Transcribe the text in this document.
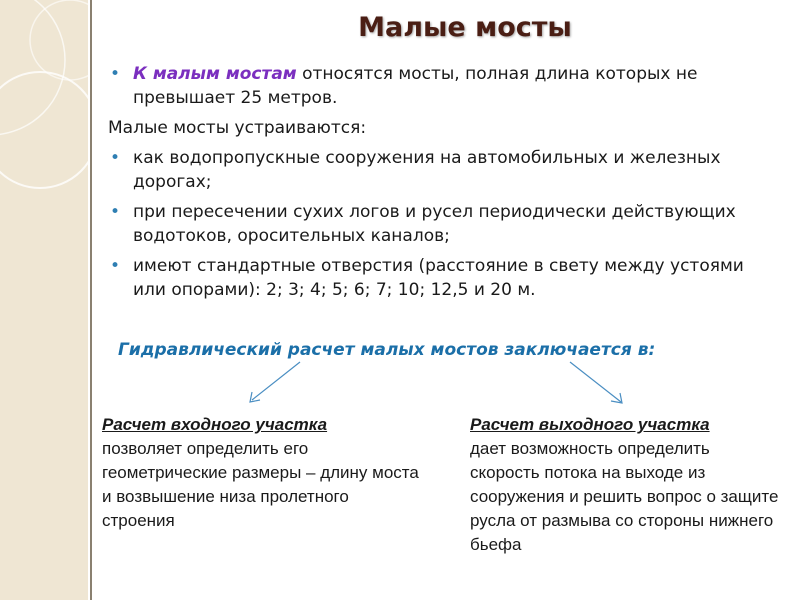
Малые мосты
• К малым мостам относятся мосты, полная длина которых не превышает 25 метров.
Малые мосты устраиваются:
• как водопропускные сооружения на автомобильных и железных дорогах;
• при пересечении сухих логов и русел периодически действующих водотоков, оросительных каналов;
• имеют стандартные отверстия (расстояние в свету между устоями или опорами): 2; 3; 4; 5; 6; 7; 10; 12,5 и 20 м.
Гидравлический расчет малых мостов заключается в:
Расчет входного участка
позволяет определить его геометрические размеры – длину моста и возвышение низа пролетного строения
Расчет выходного участка
дает возможность определить скорость потока на выходе из сооружения и решить вопрос о защите русла от размыва со стороны нижнего бьефа
